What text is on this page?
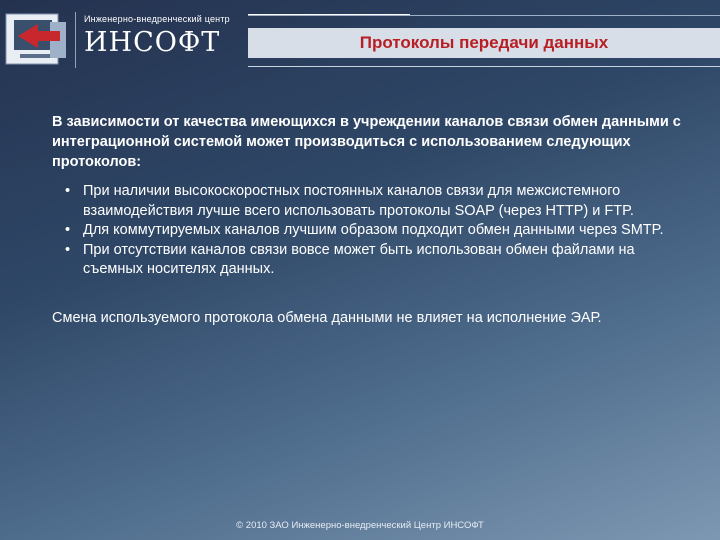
Инженерно-внедренческий центр
ИНСОФТ	Протоколы передачи данных

В зависимости от качества имеющихся в учреждении каналов связи обмен данными с интеграционной системой может производиться с использованием следующих протоколов:

• При наличии высокоскоростных постоянных каналов связи для межсистемного взаимодействия лучше всего использовать протоколы SOAP (через HTTP) и FTP.
• Для коммутируемых каналов лучшим образом подходит обмен данными через SMTP.
• При отсутствии каналов связи вовсе может быть использован обмен файлами на съемных носителях данных.

Смена используемого протокола обмена данными не влияет на исполнение ЭАР.

© 2010 ЗАО Инженерно-внедренческий Центр ИНСОФТ
